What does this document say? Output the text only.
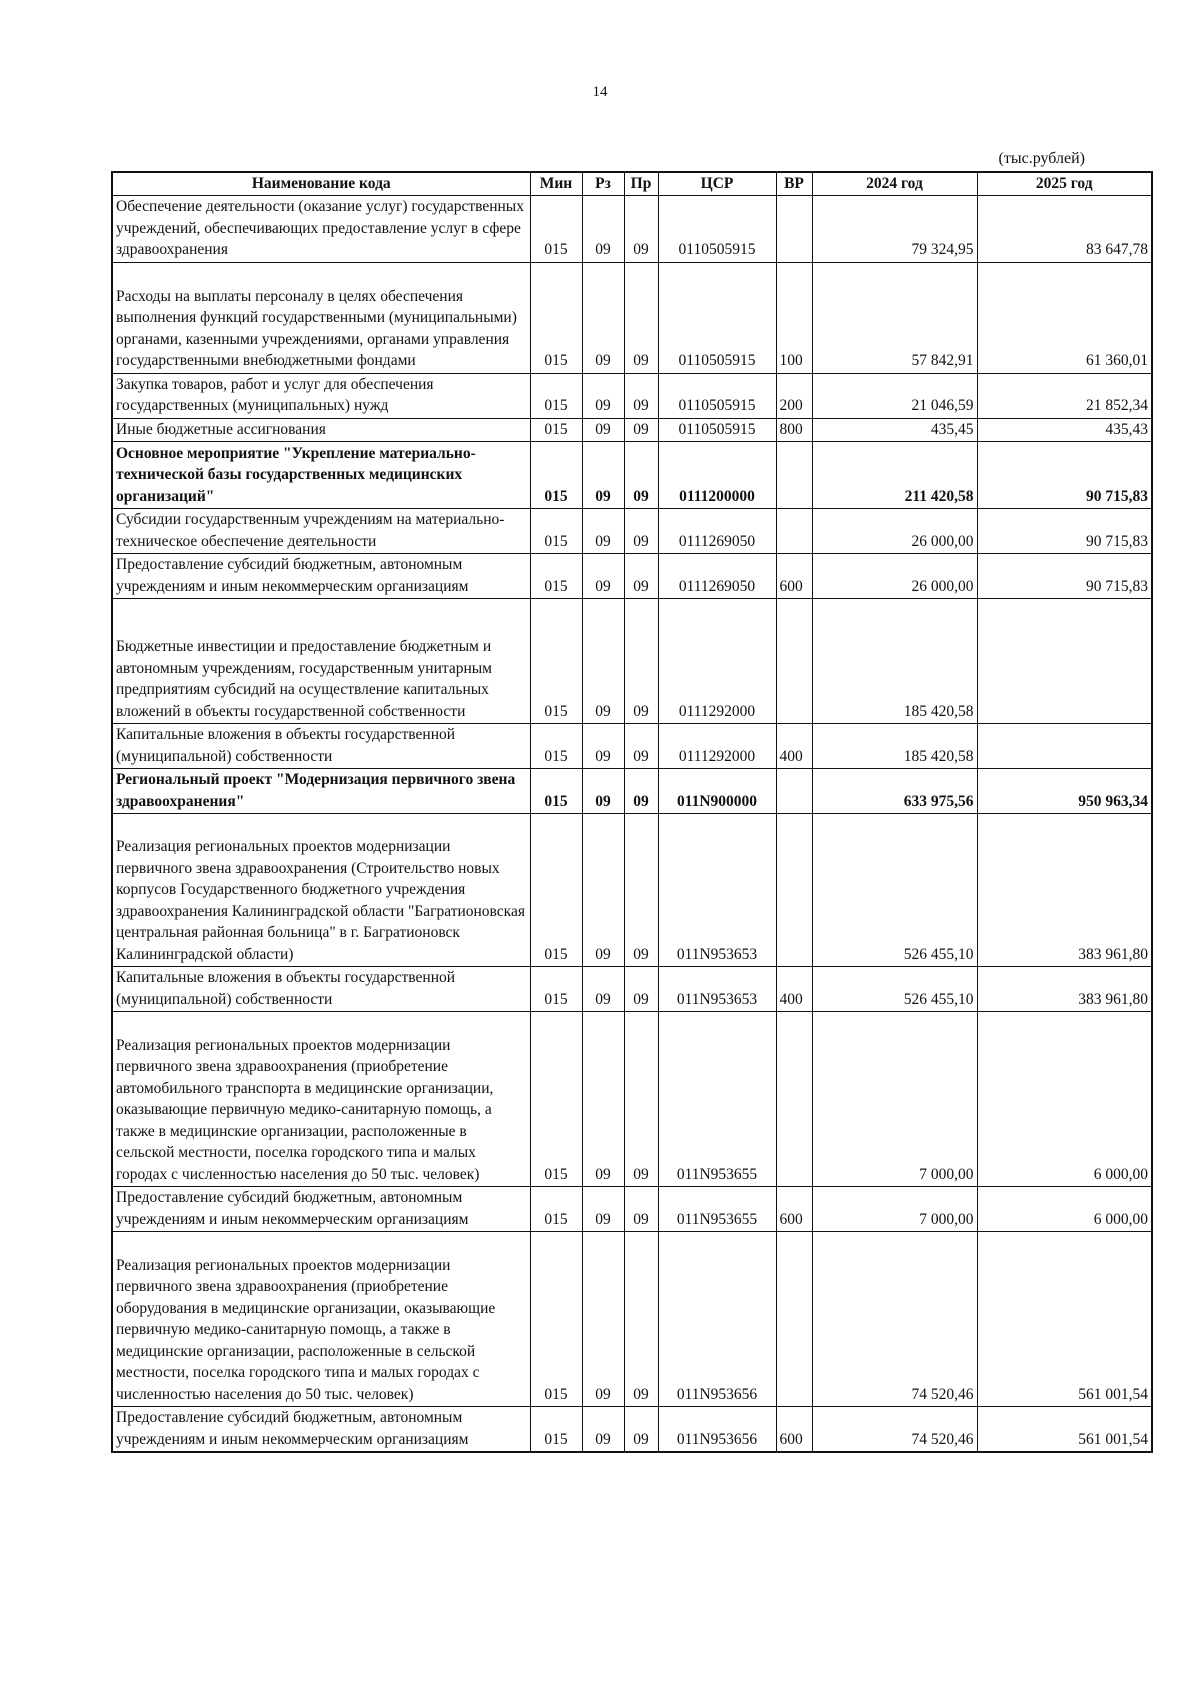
14
(тыс.рублей)
Наименование кода	Мин	Рз	Пр	ЦСР	ВР	2024 год	2025 год
Обеспечение деятельности (оказание услуг) государственных учреждений, обеспечивающих предоставление услуг в сфере здравоохранения	015	09	09	0110505915		79 324,95	83 647,78
Расходы на выплаты персоналу в целях обеспечения выполнения функций государственными (муниципальными) органами, казенными учреждениями, органами управления государственными внебюджетными фондами	015	09	09	0110505915	100	57 842,91	61 360,01
Закупка товаров, работ и услуг для обеспечения государственных (муниципальных) нужд	015	09	09	0110505915	200	21 046,59	21 852,34
Иные бюджетные ассигнования	015	09	09	0110505915	800	435,45	435,43
Основное мероприятие "Укрепление материально-технической базы государственных медицинских организаций"	015	09	09	0111200000		211 420,58	90 715,83
Субсидии государственным учреждениям на материально-техническое обеспечение деятельности	015	09	09	0111269050		26 000,00	90 715,83
Предоставление субсидий бюджетным, автономным учреждениям и иным некоммерческим организациям	015	09	09	0111269050	600	26 000,00	90 715,83
Бюджетные инвестиции и предоставление бюджетным и автономным учреждениям, государственным унитарным предприятиям субсидий на осуществление капитальных вложений в объекты государственной собственности	015	09	09	0111292000		185 420,58	
Капитальные вложения в объекты государственной (муниципальной) собственности	015	09	09	0111292000	400	185 420,58	
Региональный проект "Модернизация первичного звена здравоохранения"	015	09	09	011N900000		633 975,56	950 963,34
Реализация региональных проектов модернизации первичного звена здравоохранения (Строительство новых корпусов Государственного бюджетного учреждения здравоохранения Калининградской области "Багратионовская центральная районная больница" в г. Багратионовск Калининградской области)	015	09	09	011N953653		526 455,10	383 961,80
Капитальные вложения в объекты государственной (муниципальной) собственности	015	09	09	011N953653	400	526 455,10	383 961,80
Реализация региональных проектов модернизации первичного звена здравоохранения (приобретение автомобильного транспорта в медицинские организации, оказывающие первичную медико-санитарную помощь, а также в медицинские организации, расположенные в сельской местности, поселка городского типа и малых городах с численностью населения до 50 тыс. человек)	015	09	09	011N953655		7 000,00	6 000,00
Предоставление субсидий бюджетным, автономным учреждениям и иным некоммерческим организациям	015	09	09	011N953655	600	7 000,00	6 000,00
Реализация региональных проектов модернизации первичного звена здравоохранения (приобретение оборудования в медицинские организации, оказывающие первичную медико-санитарную помощь, а также в медицинские организации, расположенные в сельской местности, поселка городского типа и малых городах с численностью населения до 50 тыс. человек)	015	09	09	011N953656		74 520,46	561 001,54
Предоставление субсидий бюджетным, автономным учреждениям и иным некоммерческим организациям	015	09	09	011N953656	600	74 520,46	561 001,54
